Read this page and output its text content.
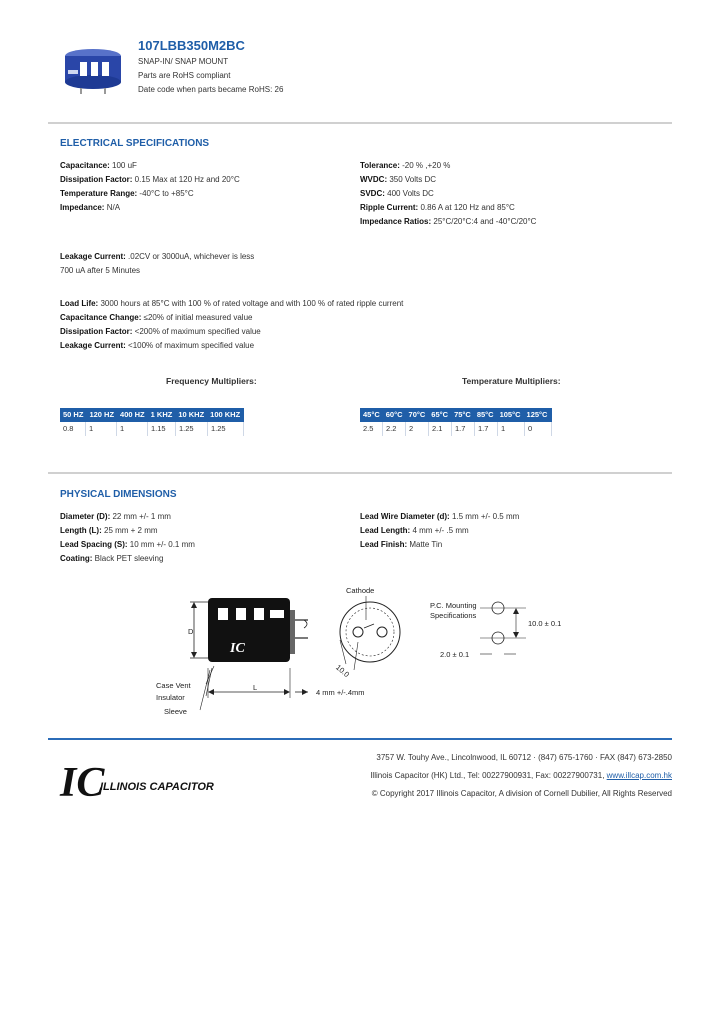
107LBB350M2BC
SNAP-IN/ SNAP MOUNT
Parts are RoHS compliant
Date code when parts became RoHS: 26
ELECTRICAL SPECIFICATIONS
Capacitance: 100 uF
Dissipation Factor: 0.15 Max at 120 Hz and 20°C
Temperature Range: -40°C to +85°C
Impedance: N/A
Tolerance: -20 % ,+20 %
WVDC: 350 Volts DC
SVDC: 400 Volts DC
Ripple Current: 0.86 A at 120 Hz and 85°C
Impedance Ratios: 25°C/20°C:4 and -40°C/20°C
Leakage Current: .02CV or 3000uA, whichever is less
700 uA after 5 Minutes
Load Life: 3000 hours at 85°C with 100 % of rated voltage and with 100 % of rated ripple current
Capacitance Change: ≤20% of initial measured value
Dissipation Factor: <200% of maximum specified value
Leakage Current: <100% of maximum specified value
Frequency Multipliers:
50 HZ 120 HZ 400 HZ 1 KHZ 10 KHZ 100 KHZ
0.8	1	1	1.15	1.25	1.25
Temperature Multipliers:
45°C 60°C 70°C 65°C 75°C 85°C 105°C 125°C
2.5	2.2	2	2.1	1.7	1.7	1	0
PHYSICAL DIMENSIONS
Diameter (D): 22 mm +/- 1 mm
Length (L): 25 mm + 2 mm
Lead Spacing (S): 10 mm +/- 0.1 mm
Coating: Black PET sleeving
Lead Wire Diameter (d): 1.5 mm +/- 0.5 mm
Lead Length: 4 mm +/- .5 mm
Lead Finish: Matte Tin
D
IC
L
4 mm +/-.4mm
Case Vent
Insulator
Sleeve
Cathode
10.0
P.C. Mounting
Specifications
10.0 ± 0.1
2.0 ± 0.1
IC
ILLINOIS CAPACITOR
3757 W. Touhy Ave., Lincolnwood, IL 60712 · (847) 675-1760 · FAX (847) 673-2850
Illinois Capacitor (HK) Ltd., Tel: 00227900931, Fax: 00227900731, www.illcap.com.hk
© Copyright 2017 Illinois Capacitor, A division of Cornell Dubilier, All Rights Reserved
